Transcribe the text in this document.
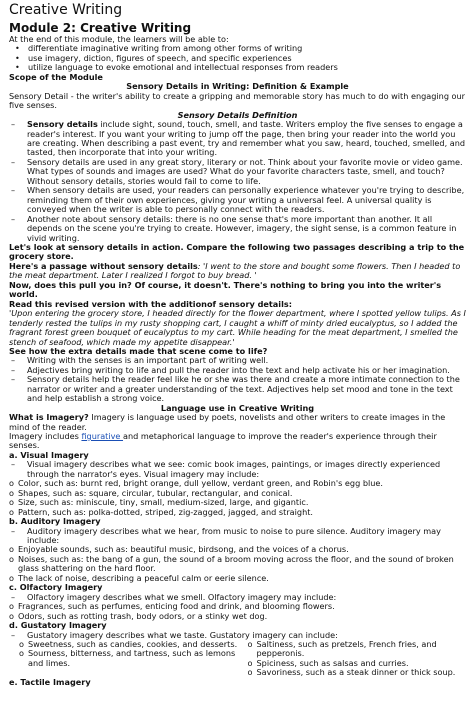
Creative Writing
Module 2: Creative Writing

At the end of this module, the learners will be able to:

• differentiate imaginative writing from among other forms of writing
• use imagery, diction, figures of speech, and specific experiences
• utilize language to evoke emotional and intellectual responses from readers

Scope of the Module

Sensory Details in Writing: Definition & Example

Sensory Detail - the writer's ability to create a gripping and memorable story has much to do with engaging our five senses.

Sensory Details Definition

– Sensory details include sight, sound, touch, smell, and taste. Writers employ the five senses to engage a reader's interest. If you want your writing to jump off the page, then bring your reader into the world you are creating. When describing a past event, try and remember what you saw, heard, touched, smelled, and tasted, then incorporate that into your writing.
– Sensory details are used in any great story, literary or not. Think about your favorite movie or video game. What types of sounds and images are used? What do your favorite characters taste, smell, and touch? Without sensory details, stories would fail to come to life.
– When sensory details are used, your readers can personally experience whatever you're trying to describe, reminding them of their own experiences, giving your writing a universal feel. A universal quality is conveyed when the writer is able to personally connect with the readers.
– Another note about sensory details: there is no one sense that's more important than another. It all depends on the scene you're trying to create. However, imagery, the sight sense, is a common feature in vivid writing.

Let's look at sensory details in action. Compare the following two passages describing a trip to the grocery store.

Here's a passage without sensory details: 'I went to the store and bought some flowers. Then I headed to the meat department. Later I realized I forgot to buy bread. '

Now, does this pull you in? Of course, it doesn't. There's nothing to bring you into the writer's world.

Read this revised version with the additionof sensory details:

'Upon entering the grocery store, I headed directly for the flower department, where I spotted yellow tulips. As I tenderly rested the tulips in my rusty shopping cart, I caught a whiff of minty dried eucalyptus, so I added the fragrant forest green bouquet of eucalyptus to my cart. While heading for the meat department, I smelled the stench of seafood, which made my appetite disappear.'

See how the extra details made that scene come to life?

– Writing with the senses is an important part of writing well.
– Adjectives bring writing to life and pull the reader into the text and help activate his or her imagination.
– Sensory details help the reader feel like he or she was there and create a more intimate connection to the narrator or writer and a greater understanding of the text. Adjectives help set mood and tone in the text and help establish a strong voice.

Language use in Creative Writing

What is Imagery? Imagery is language used by poets, novelists and other writers to create images in the mind of the reader.

Imagery includes figurative and metaphorical language to improve the reader's experience through their senses.

a. Visual Imagery

– Visual imagery describes what we see: comic book images, paintings, or images directly experienced through the narrator's eyes. Visual imagery may include:
o Color, such as: burnt red, bright orange, dull yellow, verdant green, and Robin's egg blue.
o Shapes, such as: square, circular, tubular, rectangular, and conical.
o Size, such as: miniscule, tiny, small, medium-sized, large, and gigantic.
o Pattern, such as: polka-dotted, striped, zig-zagged, jagged, and straight.

b. Auditory Imagery

– Auditory imagery describes what we hear, from music to noise to pure silence. Auditory imagery may include:
o Enjoyable sounds, such as: beautiful music, birdsong, and the voices of a chorus.
o Noises, such as: the bang of a gun, the sound of a broom moving across the floor, and the sound of broken glass shattering on the hard floor.
o The lack of noise, describing a peaceful calm or eerie silence.

c. Olfactory Imagery

– Olfactory imagery describes what we smell. Olfactory imagery may include:
o Fragrances, such as perfumes, enticing food and drink, and blooming flowers.
o Odors, such as rotting trash, body odors, or a stinky wet dog.

d. Gustatory Imagery

– Gustatory imagery describes what we taste. Gustatory imagery can include:
o Sweetness, such as candies, cookies, and desserts.
o Sourness, bitterness, and tartness, such as lemons and limes.
o Saltiness, such as pretzels, French fries, and pepperonis.
o Spiciness, such as salsas and curries.
o Savoriness, such as a steak dinner or thick soup.

e. Tactile Imagery
